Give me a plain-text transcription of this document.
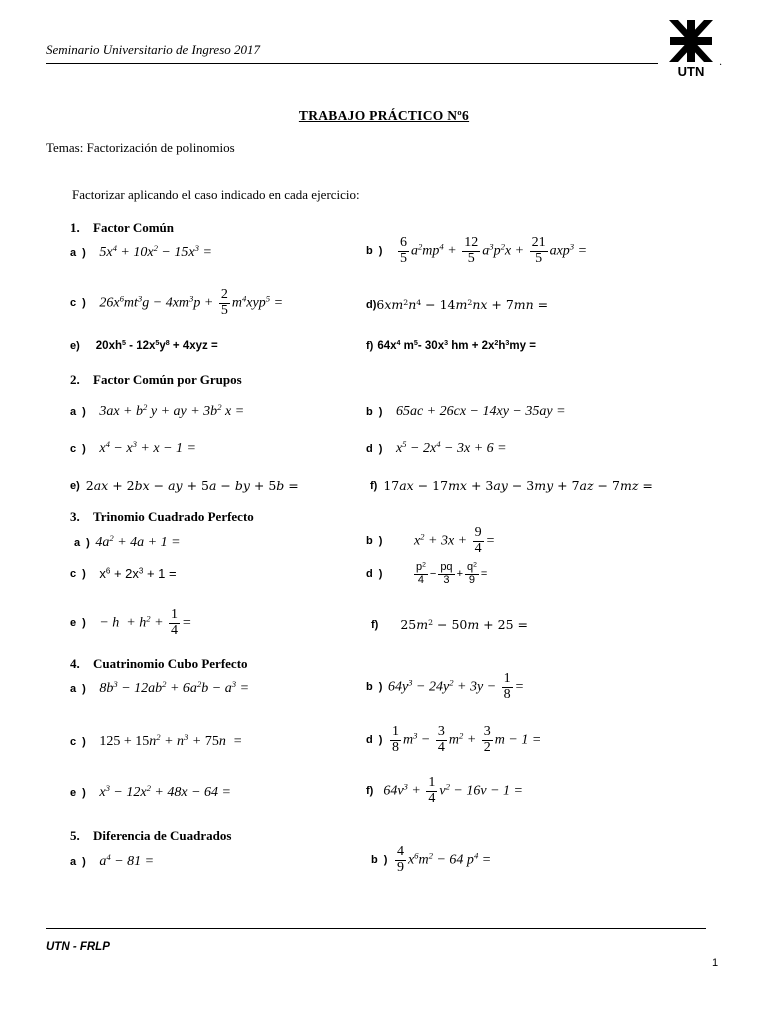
Seminario Universitario de Ingreso 2017
.
UTN
TRABAJO PRÁCTICO Nº6
Temas: Factorización de polinomios
Factorizar aplicando el caso indicado en cada ejercicio:
1. Factor Común
a ) $5x^4 + 10x^2 - 15x^3$ =	b ) $\frac{6}{5} a^2mp^4 + \frac{12}{5} a^3p^2x + \frac{21}{5} axp^3$ =
c ) $26x^6mt^3g - 4xm^3p + \frac{2}{5} m^4xyp^5$ =	d) $6xm^2n^4 - 14m^2nx + 7mn$ =
e) $20xh^5 - 12x^5y^8 + 4xyz$ =	f) $64x^4$ $m^5-$ $30x^3$ hm + $2x^2h^3my$ =
2. Factor Común por Grupos
a ) $3ax + b^2$ y + ay + $3b^2$ x =	b ) 65ac + 26cx − 14xy − 35ay =
c ) $x^4 - x^3 + x - 1$ =	d ) $x^5 - 2x^4 - 3x + 6$ =
e) 2ax + 2bx − ay + 5a − by + 5b =	f) 17ax − 17mx + 3ay − 3my + 7az − 7mz =
3. Trinomio Cuadrado Perfecto
a ) $4a^2 + 4a + 1$ =	b ) $x^2 + 3x + \frac{9}{4}$ =
c ) $x^6 + 2x^3 + 1$ =	d )	$\frac{p^2}{4} - \frac{pq}{3} + \frac{q^2}{9}$ =
e ) − $h + h^2 + \frac{1}{4}$ =	f) $25m^2 - 50m + 25$ =
4. Cuatrinomio Cubo Perfecto
a ) $8b^3 - 12ab^2 + 6a^2b - a^3$ =	b ) $64y^3 - 24y^2 + 3y - \frac{1}{8}$ =
c ) $125 + 15n^2 + n^3 + 75n$  =	d ) $\frac{1}{8} m^3 - \frac{3}{4} m^2 + \frac{3}{2}$ m − 1 =
e ) $x^3 - 12x^2 + 48x - 64$ =	f) $64v^3 + \frac{1}{4} v^2 - 16v - 1$ =
5. Diferencia de Cuadrados
a ) $a^4 - 81$ =	b ) $\frac{4}{9} x^6m^2 - 64$ $p^4$ =
UTN - FRLP
1
